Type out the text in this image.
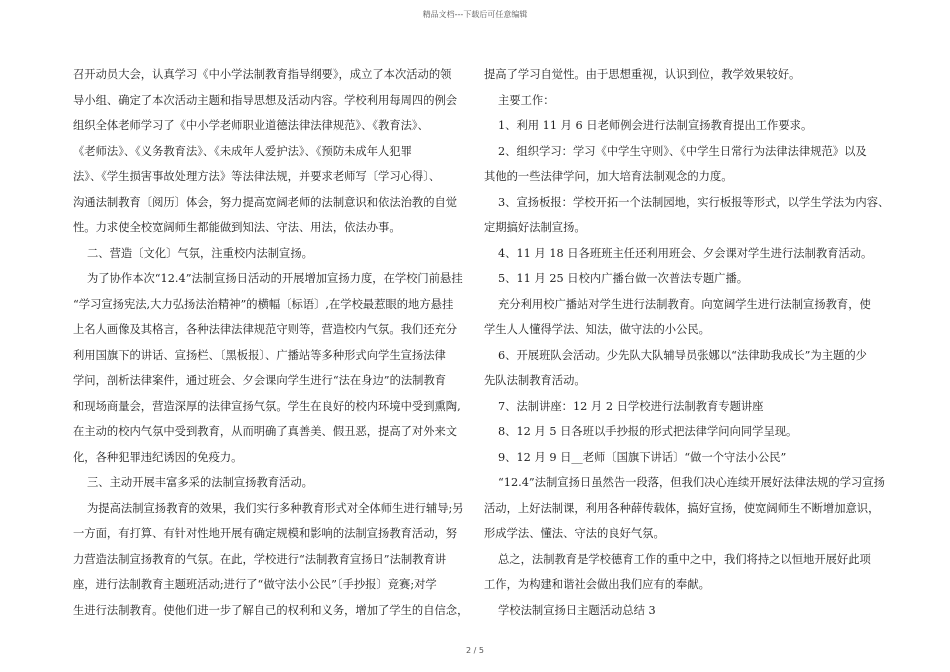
精品文档---下载后可任意编辑
召开动员大会，认真学习《中小学法制教育指导纲要》，成立了本次活动的领
导小组、确定了本次活动主题和指导思想及活动内容。学校利用每周四的例会
组织全体老师学习了《中小学老师职业道德法律法律规范》、《教育法》、
《老师法》、《义务教育法》、《未成年人爱护法》、《预防未成年人犯罪
法》、《学生损害事故处理方法》等法律法规，并要求老师写〔学习心得〕、
沟通法制教育〔阅历〕体会，努力提高宽阔老师的法制意识和依法治教的自觉
性。力求使全校宽阔师生都能做到知法、守法、用法，依法办事。
二、营造〔文化〕气氛，注重校内法制宣扬。
为了协作本次“12.4”法制宣扬日活动的开展增加宣扬力度，在学校门前悬挂
“学习宣扬宪法,大力弘扬法治精神”的横幅〔标语〕,在学校最惹眼的地方悬挂
上名人画像及其格言，各种法律法律规范守则等，营造校内气氛。我们还充分
利用国旗下的讲话、宣扬栏、〔黑板报〕、广播站等多种形式向学生宣扬法律
学问，剖析法律案件，通过班会、夕会课向学生进行“法在身边”的法制教育
和现场商量会，营造深厚的法律宣扬气氛。学生在良好的校内环境中受到熏陶,
在主动的校内气氛中受到教育，从而明确了真善美、假丑恶，提高了对外来文
化，各种犯罪违纪诱因的免疫力。
三、主动开展丰富多采的法制宣扬教育活动。
为提高法制宣扬教育的效果，我们实行多种教育形式对全体师生进行辅导;另
一方面，有打算、有针对性地开展有确定规模和影响的法制宣扬教育活动，努
力营造法制宣扬教育的气氛。在此，学校进行“法制教育宣扬日”法制教育讲
座，进行法制教育主题班活动;进行了“做守法小公民”〔手抄报〕竞赛;对学
生进行法制教育。使他们进一步了解自己的权利和义务，增加了学生的自信念，
提高了学习自觉性。由于思想重视，认识到位，教学效果较好。
主要工作：
1、利用 11 月 6 日老师例会进行法制宣扬教育提出工作要求。
2、组织学习：学习《中学生守则》、《中学生日常行为法律法律规范》以及
其他的一些法律学问，加大培育法制观念的力度。
3、宣扬板报：学校开拓一个法制园地，实行板报等形式，以学生学法为内容、
定期搞好法制宣扬。
4、11 月 18 日各班班主任还利用班会、夕会课对学生进行法制教育活动。
5、11 月 25 日校内广播台做一次普法专题广播。
充分利用校广播站对学生进行法制教育。向宽阔学生进行法制宣扬教育，使
学生人人懂得学法、知法，做守法的小公民。
6、开展班队会活动。少先队大队辅导员张娜以“法律助我成长”为主题的少
先队法制教育活动。
7、法制讲座：12 月 2 日学校进行法制教育专题讲座
8、12 月 5 日各班以手抄报的形式把法律学问向同学呈现。
9、12 月 9 日__老师〔国旗下讲话〕“做一个守法小公民”
“12.4”法制宣扬日虽然告一段落，但我们决心连续开展好法律法规的学习宣扬
活动，上好法制课，利用各种薛传载体，搞好宣扬，使宽阔师生不断增加意识，
形成学法、懂法、守法的良好气氛。
总之，法制教育是学校德育工作的重中之中，我们将持之以恒地开展好此项
工作，为构建和谐社会做出我们应有的奉献。
学校法制宣扬日主题活动总结 3
2 / 5
